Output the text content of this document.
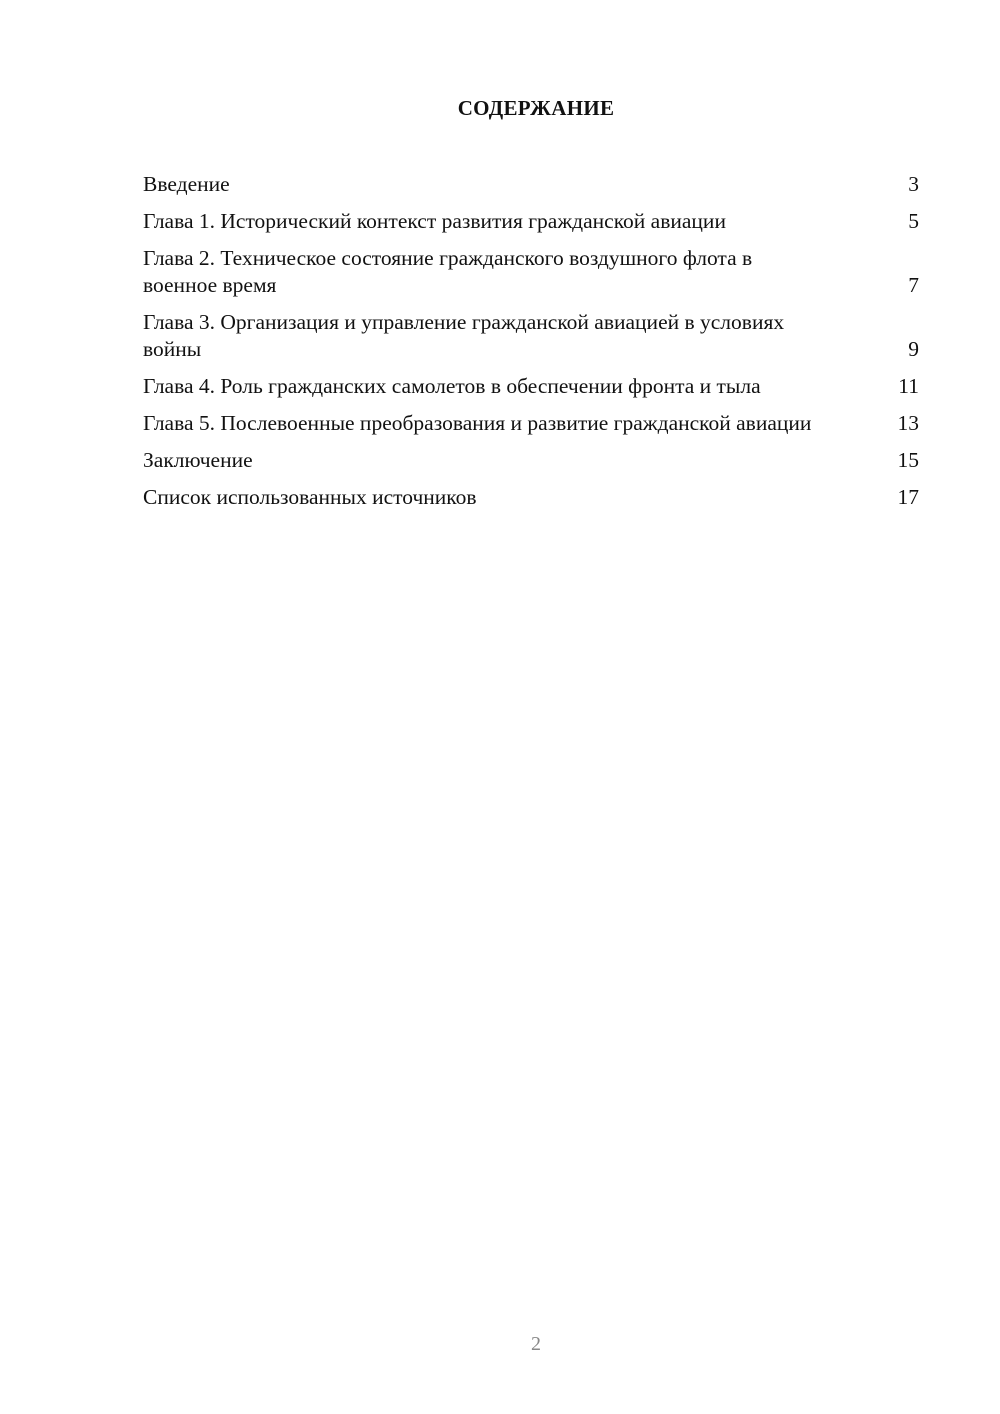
СОДЕРЖАНИЕ
Введение	3
Глава 1. Исторический контекст развития гражданской авиации	5
Глава 2. Техническое состояние гражданского воздушного флота в военное время	7
Глава 3. Организация и управление гражданской авиацией в условиях войны	9
Глава 4. Роль гражданских самолетов в обеспечении фронта и тыла	11
Глава 5. Послевоенные преобразования и развитие гражданской авиации	13
Заключение	15
Список использованных источников	17
2
